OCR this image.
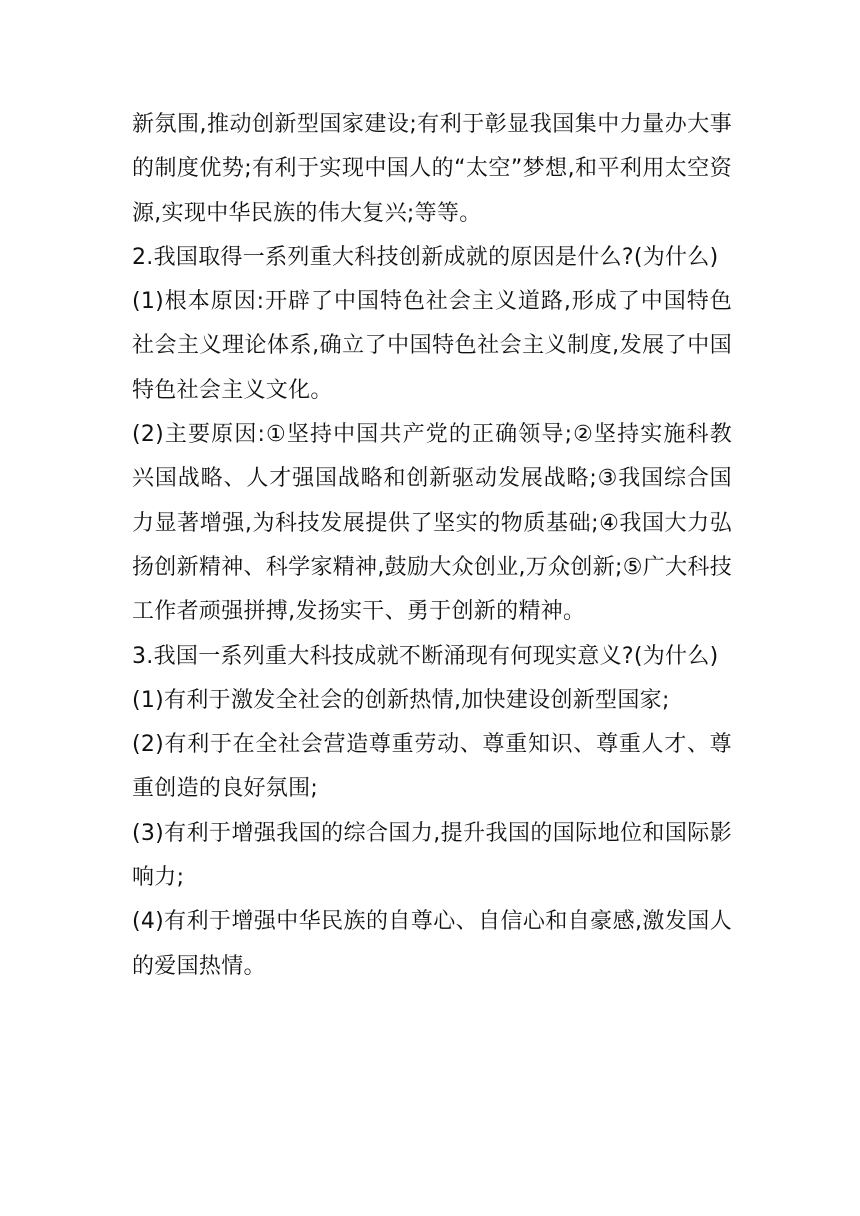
新氛围,推动创新型国家建设;有利于彰显我国集中力量办大事的制度优势;有利于实现中国人的“太空”梦想,和平利用太空资源,实现中华民族的伟大复兴;等等。

2.我国取得一系列重大科技创新成就的原因是什么?(为什么)

(1)根本原因:开辟了中国特色社会主义道路,形成了中国特色社会主义理论体系,确立了中国特色社会主义制度,发展了中国特色社会主义文化。

(2)主要原因:①坚持中国共产党的正确领导;②坚持实施科教兴国战略、人才强国战略和创新驱动发展战略;③我国综合国力显著增强,为科技发展提供了坚实的物质基础;④我国大力弘扬创新精神、科学家精神,鼓励大众创业,万众创新;⑤广大科技工作者顽强拼搏,发扬实干、勇于创新的精神。

3.我国一系列重大科技成就不断涌现有何现实意义?(为什么)

(1)有利于激发全社会的创新热情,加快建设创新型国家;

(2)有利于在全社会营造尊重劳动、尊重知识、尊重人才、尊重创造的良好氛围;

(3)有利于增强我国的综合国力,提升我国的国际地位和国际影响力;

(4)有利于增强中华民族的自尊心、自信心和自豪感,激发国人的爱国热情。
